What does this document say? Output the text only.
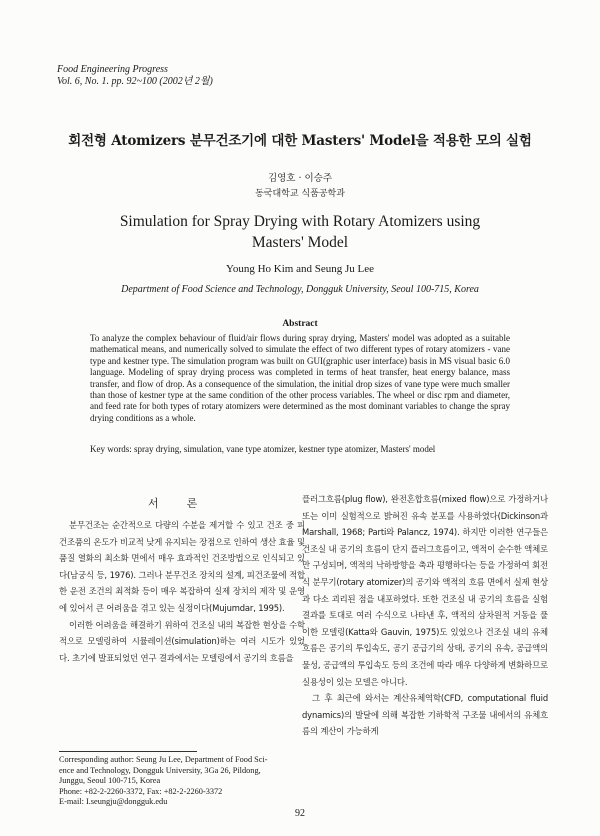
Food Engineering Progress
Vol. 6, No. 1. pp. 92~100 (2002년 2월)
회전형 Atomizers 분무건조기에 대한 Masters' Model을 적용한 모의 실험
김영호 · 이승주
동국대학교 식품공학과
Simulation for Spray Drying with Rotary Atomizers using
Masters' Model
Young Ho Kim and Seung Ju Lee
Department of Food Science and Technology, Dongguk University, Seoul 100-715, Korea
Abstract

To analyze the complex behaviour of fluid/air flows during spray drying, Masters' model was adopted as a suitable mathematical means, and numerically solved to simulate the effect of two different types of rotary atomizers - vane type and kestner type. The simulation program was built on GUI(graphic user interface) basis in MS visual basic 6.0 language. Modeling of spray drying process was completed in terms of heat transfer, heat energy balance, mass transfer, and flow of drop. As a consequence of the simulation, the initial drop sizes of vane type were much smaller than those of kestner type at the same condition of the other process variables. The wheel or disc rpm and diameter, and feed rate for both types of rotary atomizers were determined as the most dominant variables to change the spray drying conditions as a whole.

Key words: spray drying, simulation, vane type atomizer, kestner type atomizer, Masters' model

서론

분무건조는 순간적으로 다량의 수분을 제거할 수 있고 건조 중 피건조품의 온도가 비교적 낮게 유지되는 장점으로 인하여 생산 효율 및 품질 열화의 최소화 면에서 매우 효과적인 건조방법으로 인식되고 있다(남궁식 등, 1976). 그러나 분무건조 장치의 설계, 피건조물에 적합한 운전 조건의 최적화 등이 매우 복잡하여 실제 장치의 제작 및 운영에 있어서 큰 어려움을 겪고 있는 실정이다(Mujumdar, 1995).

이러한 어려움을 해결하기 위하여 건조실 내의 복잡한 현상을 수학적으로 모델링하여 시뮬레이션(simulation)하는 여러 시도가 있었다. 초기에 발표되었던 연구 결과에서는 모델링에서 공기의 흐름을

플러그흐름(plug flow), 완전혼합흐름(mixed flow)으로 가정하거나 또는 이미 실험적으로 밝혀진 유속 분포를 사용하였다(Dickinson과 Marshall, 1968; Parti와 Palancz, 1974). 하지만 이러한 연구들은 건조실 내 공기의 흐름이 단지 플러그흐름이고, 액적이 순수한 액체로만 구성되며, 액적의 낙하방향을 축과 평행하다는 등을 가정하여 회전식 분무기(rotary atomizer)의 공기와 액적의 흐름 면에서 실제 현상과 다소 괴리된 점을 내포하였다. 또한 건조실 내 공기의 흐름을 실험결과를 토대로 여러 수식으로 나타낸 후, 액적의 삼차원적 거동을 풀이한 모델링(Katta와 Gauvin, 1975)도 있었으나 건조실 내의 유체흐름은 공기의 투입속도, 공기 공급기의 상태, 공기의 유속, 공급액의 물성, 공급액의 투입속도 등의 조건에 따라 매우 다양하게 변화하므로 실용성이 있는 모델은 아니다.

그 후 최근에 와서는 계산유체역학(CFD, computational fluid dynamics)의 발달에 의해 복잡한 기하학적 구조물 내에서의 유체흐름의 계산이 가능하게

Corresponding author: Seung Ju Lee, Department of Food Sci-
ence and Technology, Dongguk University, 3Ga 26, Pildong,
Junggu, Seoul 100-715, Korea
Phone: +82-2-2260-3372, Fax: +82-2-2260-3372
E-mail: I.seungju@dongguk.edu
92
